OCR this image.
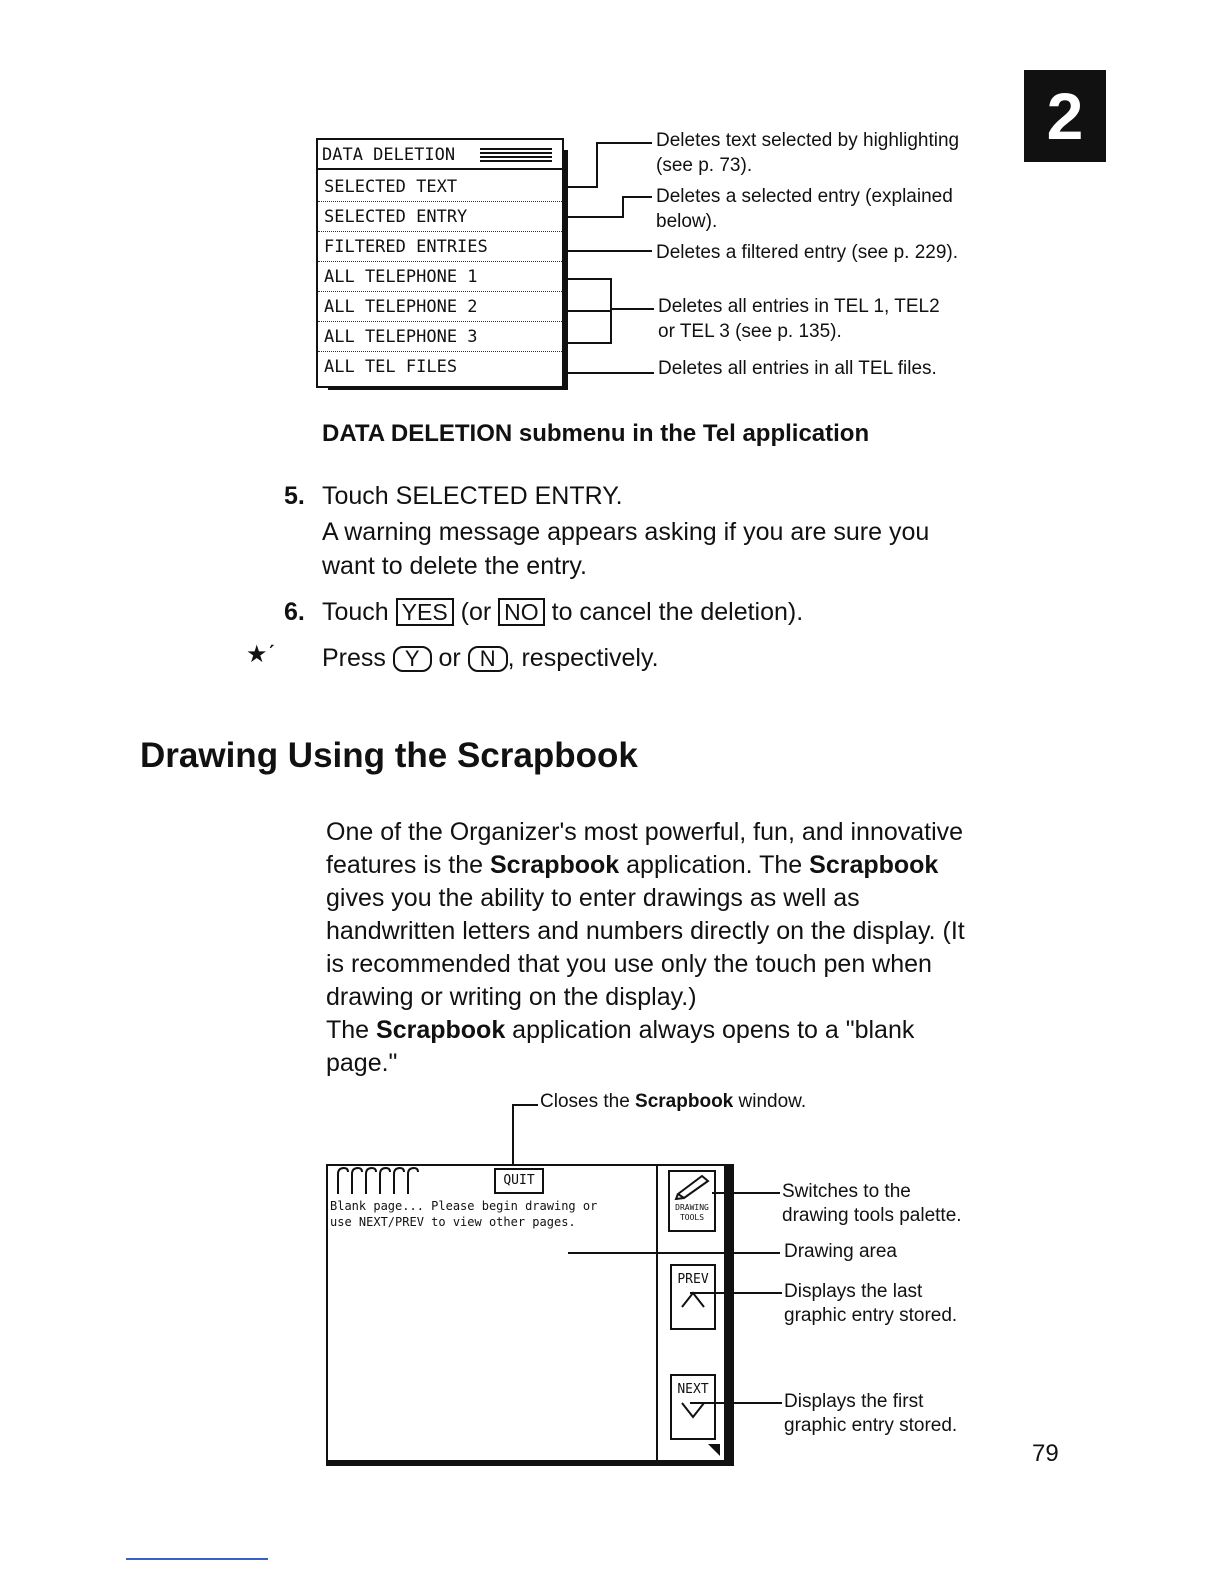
2
DATA DELETION
SELECTED TEXT
SELECTED ENTRY
FILTERED ENTRIES
ALL TELEPHONE 1
ALL TELEPHONE 2
ALL TELEPHONE 3
ALL TEL FILES
Deletes text selected by highlighting
(see p. 73).
Deletes a selected entry (explained
below).
Deletes a filtered entry (see p. 229).
Deletes all entries in TEL 1, TEL2
or TEL 3 (see p. 135).
Deletes all entries in all TEL files.
DATA DELETION submenu in the Tel application
5. Touch SELECTED ENTRY.
A warning message appears asking if you are sure you
want to delete the entry.
6. Touch YES (or NO to cancel the deletion).
★ˊ Press Y or N , respectively.
Drawing Using the Scrapbook
One of the Organizer's most powerful, fun, and innovative
features is the Scrapbook application. The Scrapbook
gives you the ability to enter drawings as well as
handwritten letters and numbers directly on the display. (It
is recommended that you use only the touch pen when
drawing or writing on the display.)
The Scrapbook application always opens to a "blank
page."
Closes the Scrapbook window.
QUIT
Blank page... Please begin drawing or
use NEXT/PREV to view other pages.
DRAWING TOOLS
PREV
NEXT
Switches to the
drawing tools palette.
Drawing area
Displays the last
graphic entry stored.
Displays the first
graphic entry stored.
79
